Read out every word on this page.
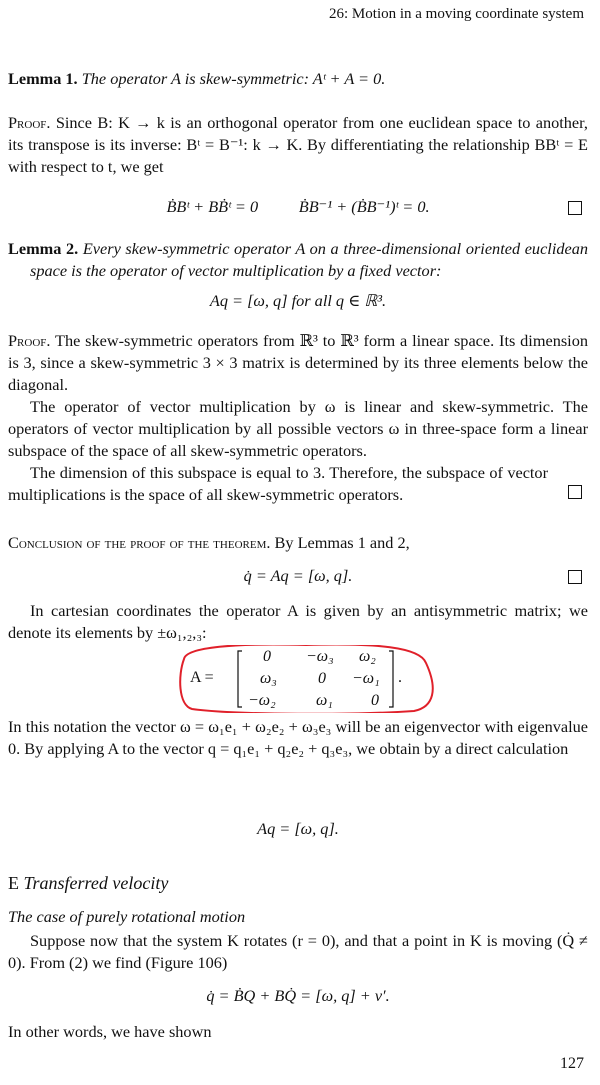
26: Motion in a moving coordinate system
Lemma 1. The operator A is skew-symmetric: Aᵗ + A = 0.
Proof. Since B: K → k is an orthogonal operator from one euclidean space to another, its transpose is its inverse: Bᵗ = B⁻¹: k → K. By differentiating the relationship BBᵗ = E with respect to t, we get
ḂBᵗ + BḂᵗ = 0          ḂB⁻¹ + (ḂB⁻¹)ᵗ = 0.
Lemma 2. Every skew-symmetric operator A on a three-dimensional oriented euclidean space is the operator of vector multiplication by a fixed vector:
Aq = [ω, q] for all q ∈ ℝ³.
Proof. The skew-symmetric operators from ℝ³ to ℝ³ form a linear space. Its dimension is 3, since a skew-symmetric 3 × 3 matrix is determined by its three elements below the diagonal.
The operator of vector multiplication by ω is linear and skew-symmetric. The operators of vector multiplication by all possible vectors ω in three-space form a linear subspace of the space of all skew-symmetric operators.
The dimension of this subspace is equal to 3. Therefore, the subspace of vector multiplications is the space of all skew-symmetric operators.
Conclusion of the proof of the theorem. By Lemmas 1 and 2,
q̇ = Aq = [ω, q].
In cartesian coordinates the operator A is given by an antisymmetric matrix; we denote its elements by ±ω₁,₂,₃:
A =
0 −ω₃ ω₂
ω₃	0 −ω₁
−ω₂	ω₁ 0
.
In this notation the vector ω = ω₁e₁ + ω₂e₂ + ω₃e₃ will be an eigenvector with eigenvalue 0. By applying A to the vector q = q₁e₁ + q₂e₂ + q₃e₃, we obtain by a direct calculation
Aq = [ω, q].
E Transferred velocity
The case of purely rotational motion
Suppose now that the system K rotates (r = 0), and that a point in K is moving (Q̇ ≠ 0). From (2) we find (Figure 106)
q̇ = ḂQ + BQ̇ = [ω, q] + v′.
In other words, we have shown
127
